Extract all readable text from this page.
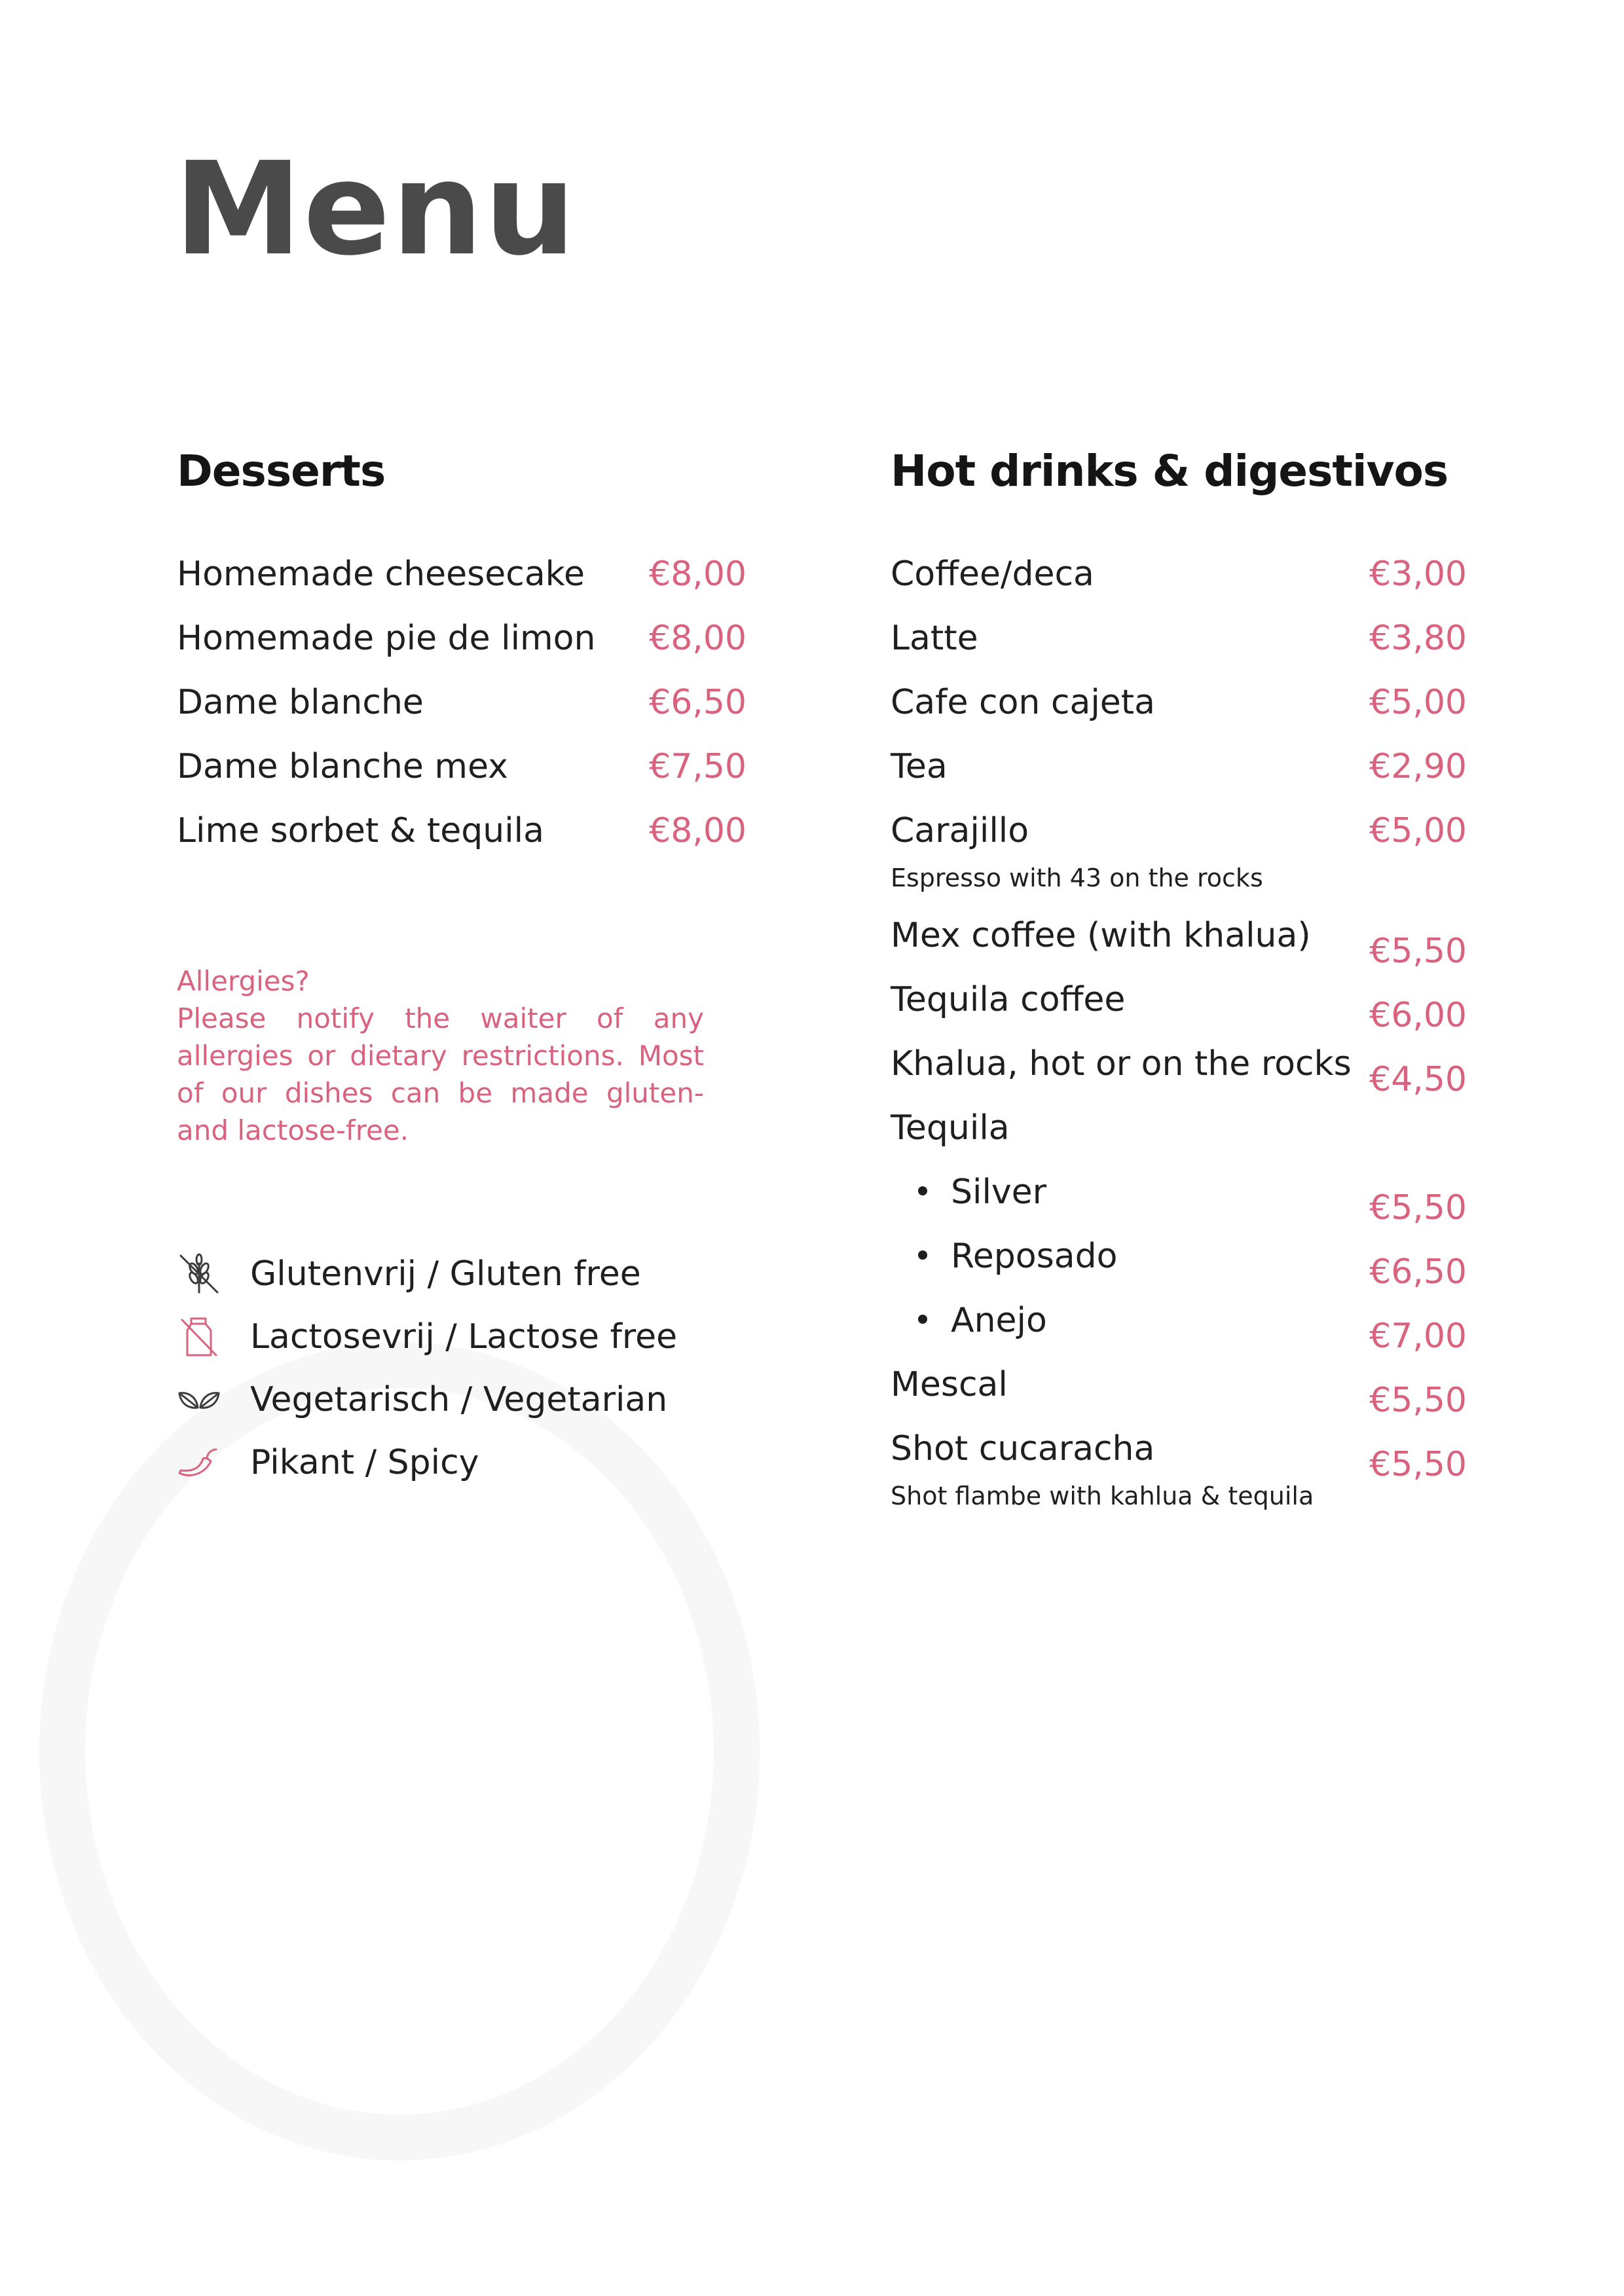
Menu
Desserts
Homemade cheesecake €8,00
Homemade pie de limon €8,00
Dame blanche	€6,50
Dame blanche mex	€7,50
Lime sorbet & tequila	€8,00

Allergies?

Please notify the waiter of any allergies or dietary restrictions. Most of our dishes can be made gluten- and lactose-free.

Glutenvrij / Gluten free
Lactosevrij / Lactose free
Vegetarisch / Vegetarian
Pikant / Spicy
Hot drinks & digestivos
Coffee/deca	€3,00
Latte	€3,80
Cafe con cajeta	€5,00
Tea	€2,90
Carajillo	€5,00
Espresso with 43 on the rocks
Mex coffee (with khalua) €5,50
Tequila coffee	€6,00
Khalua, hot or on the rocks €4,50
Tequila
Silver	€5,50
Reposado	€6,50
Anejo	€7,00
Mescal	€5,50
Shot cucaracha	€5,50
Shot flambe with kahlua & tequila
